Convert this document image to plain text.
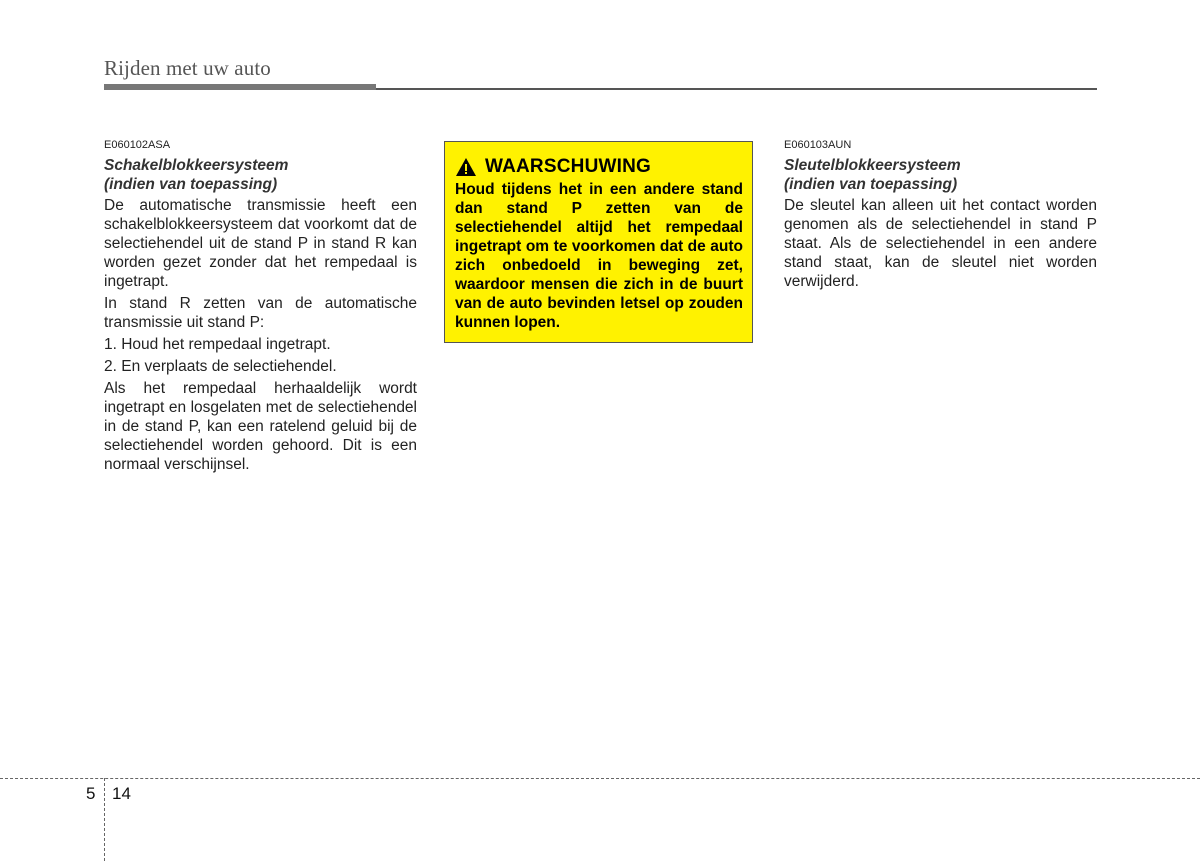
Rijden met uw auto

E060102ASA

Schakelblokkeersysteem

(indien van toepassing)

De automatische transmissie heeft een schakelblokkeersysteem dat voorkomt dat de selectiehendel uit de stand P in stand R kan worden gezet zonder dat het rempedaal is ingetrapt.

In stand R zetten van de automatische transmissie uit stand P:

1. Houd het rempedaal ingetrapt.

2. En verplaats de selectiehendel.

Als het rempedaal herhaaldelijk wordt ingetrapt en losgelaten met de selectiehendel in de stand P, kan een ratelend geluid bij de selectiehendel worden gehoord. Dit is een normaal verschijnsel.

WAARSCHUWING

Houd tijdens het in een andere stand dan stand P zetten van de selectiehendel altijd het rempedaal ingetrapt om te voorkomen dat de auto zich onbedoeld in beweging zet, waardoor mensen die zich in de buurt van de auto bevinden letsel op zouden kunnen lopen.

E060103AUN

Sleutelblokkeersysteem

(indien van toepassing)

De sleutel kan alleen uit het contact worden genomen als de selectiehendel in stand P staat. Als de selectiehendel in een andere stand staat, kan de sleutel niet worden verwijderd.

5 14
